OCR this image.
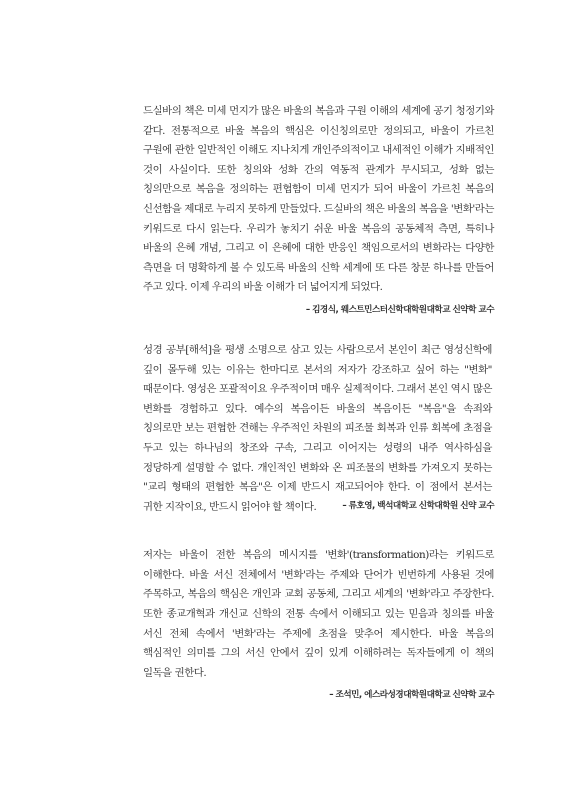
드실바의 책은 미세 먼지가 많은 바울의 복음과 구원 이해의 세계에 공기 청정기와 같다. 전통적으로 바울 복음의 핵심은 이신칭의로만 정의되고, 바울이 가르친 구원에 관한 일반적인 이해도 지나치게 개인주의적이고 내세적인 이해가 지배적인 것이 사실이다. 또한 칭의와 성화 간의 역동적 관계가 무시되고, 성화 없는 칭의만으로 복음을 정의하는 편협함이 미세 먼지가 되어 바울이 가르친 복음의 신선함을 제대로 누리지 못하게 만들었다. 드실바의 책은 바울의 복음을 '변화'라는 키워드로 다시 읽는다. 우리가 놓치기 쉬운 바울 복음의 공동체적 측면, 특히나 바울의 은혜 개념, 그리고 이 은혜에 대한 반응인 책임으로서의 변화라는 다양한 측면을 더 명확하게 볼 수 있도록 바울의 신학 세계에 또 다른 창문 하나를 만들어 주고 있다. 이제 우리의 바울 이해가 더 넓어지게 되었다.

– 김경식, 웨스트민스터신학대학원대학교 신약학 교수

성경 공부[해석]을 평생 소명으로 삼고 있는 사람으로서 본인이 최근 영성신학에 깊이 몰두해 있는 이유는 한마디로 본서의 저자가 강조하고 싶어 하는 "변화" 때문이다. 영성은 포괄적이요 우주적이며 매우 실제적이다. 그래서 본인 역시 많은 변화를 경험하고 있다. 예수의 복음이든 바울의 복음이든 "복음"을 속죄와 칭의로만 보는 편협한 견해는 우주적인 차원의 피조물 회복과 인류 회복에 초점을 두고 있는 하나님의 창조와 구속, 그리고 이어지는 성령의 내주 역사하심을 정당하게 설명할 수 없다. 개인적인 변화와 온 피조물의 변화를 가져오지 못하는 "교리 형태의 편협한 복음"은 이제 반드시 재고되어야 한다. 이 점에서 본서는 귀한 지작이요, 반드시 읽어야 할 책이다.	– 류호영, 백석대학교 신학대학원 신약 교수

저자는 바울이 전한 복음의 메시지를 '변화'(transformation)라는 키워드로 이해한다. 바울 서신 전체에서 '변화'라는 주제와 단어가 빈번하게 사용된 것에 주목하고, 복음의 핵심은 개인과 교회 공동체, 그리고 세계의 '변화'라고 주장한다. 또한 종교개혁과 개신교 신학의 전통 속에서 이해되고 있는 믿음과 칭의를 바울 서신 전체 속에서 '변화'라는 주제에 초점을 맞추어 제시한다. 바울 복음의 핵심적인 의미를 그의 서신 안에서 깊이 있게 이해하려는 독자들에게 이 책의 일독을 권한다.

– 조석민, 에스라성경대학원대학교 신약학 교수
